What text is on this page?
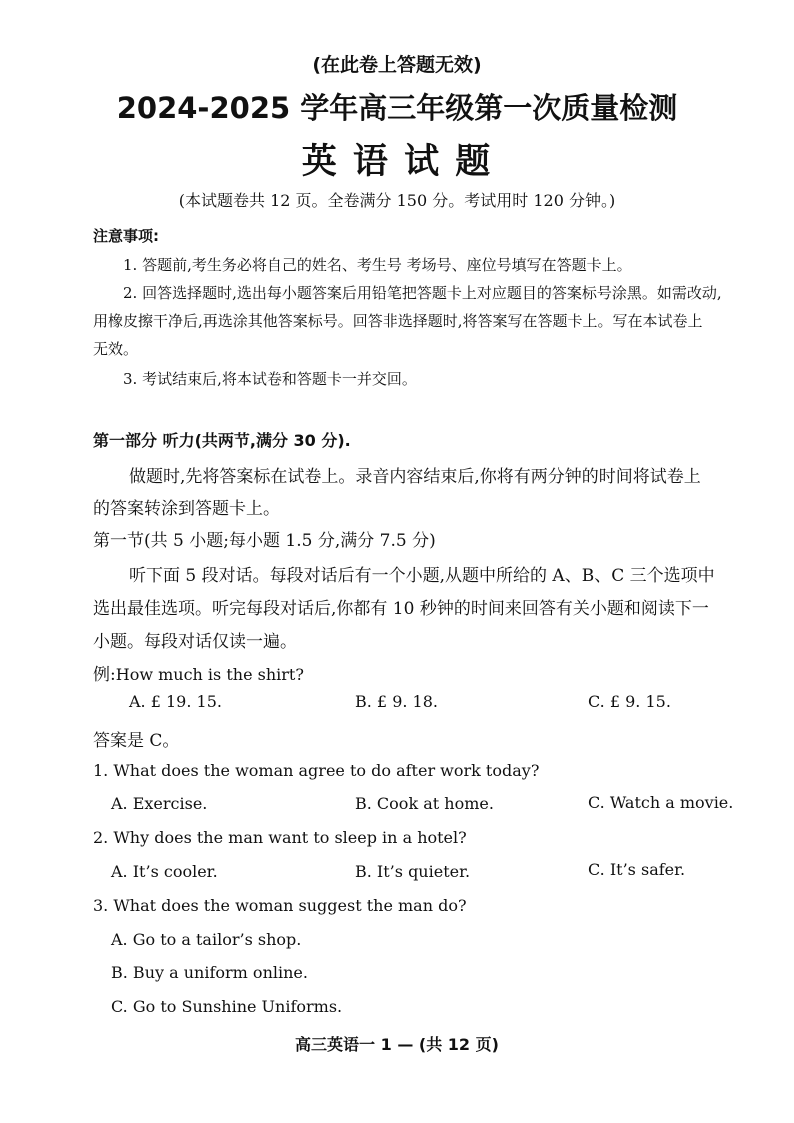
(在此卷上答题无效)
2024-2025 学年高三年级第一次质量检测
英 语 试 题
(本试题卷共 12 页。全卷满分 150 分。考试用时 120 分钟。)
注意事项:
1. 答题前,考生务必将自己的姓名、考生号 考场号、座位号填写在答题卡上。
2. 回答选择题时,选出每小题答案后用铅笔把答题卡上对应题目的答案标号涂黑。如需改动,
用橡皮擦干净后,再选涂其他答案标号。回答非选择题时,将答案写在答题卡上。写在本试卷上
无效。
3. 考试结束后,将本试卷和答题卡一并交回。
第一部分 听力(共两节,满分 30 分).
做题时,先将答案标在试卷上。录音内容结束后,你将有两分钟的时间将试卷上
的答案转涂到答题卡上。
第一节(共 5 小题;每小题 1.5 分,满分 7.5 分)
听下面 5 段对话。每段对话后有一个小题,从题中所给的 A、B、C 三个选项中
选出最佳选项。听完每段对话后,你都有 10 秒钟的时间来回答有关小题和阅读下一
小题。每段对话仅读一遍。
例:How much is the shirt?
A. £ 19. 15.	B. £ 9. 18.	C. £ 9. 15.
答案是 C。
1. What does the woman agree to do after work today?
A. Exercise.	B. Cook at home.	C. Watch a movie.
2. Why does the man want to sleep in a hotel?
A. It’s cooler.	B. It’s quieter.	C. It’s safer.
3. What does the woman suggest the man do?
A. Go to a tailor’s shop.
B. Buy a uniform online.
C. Go to Sunshine Uniforms.
高三英语一 1 — (共 12 页)
